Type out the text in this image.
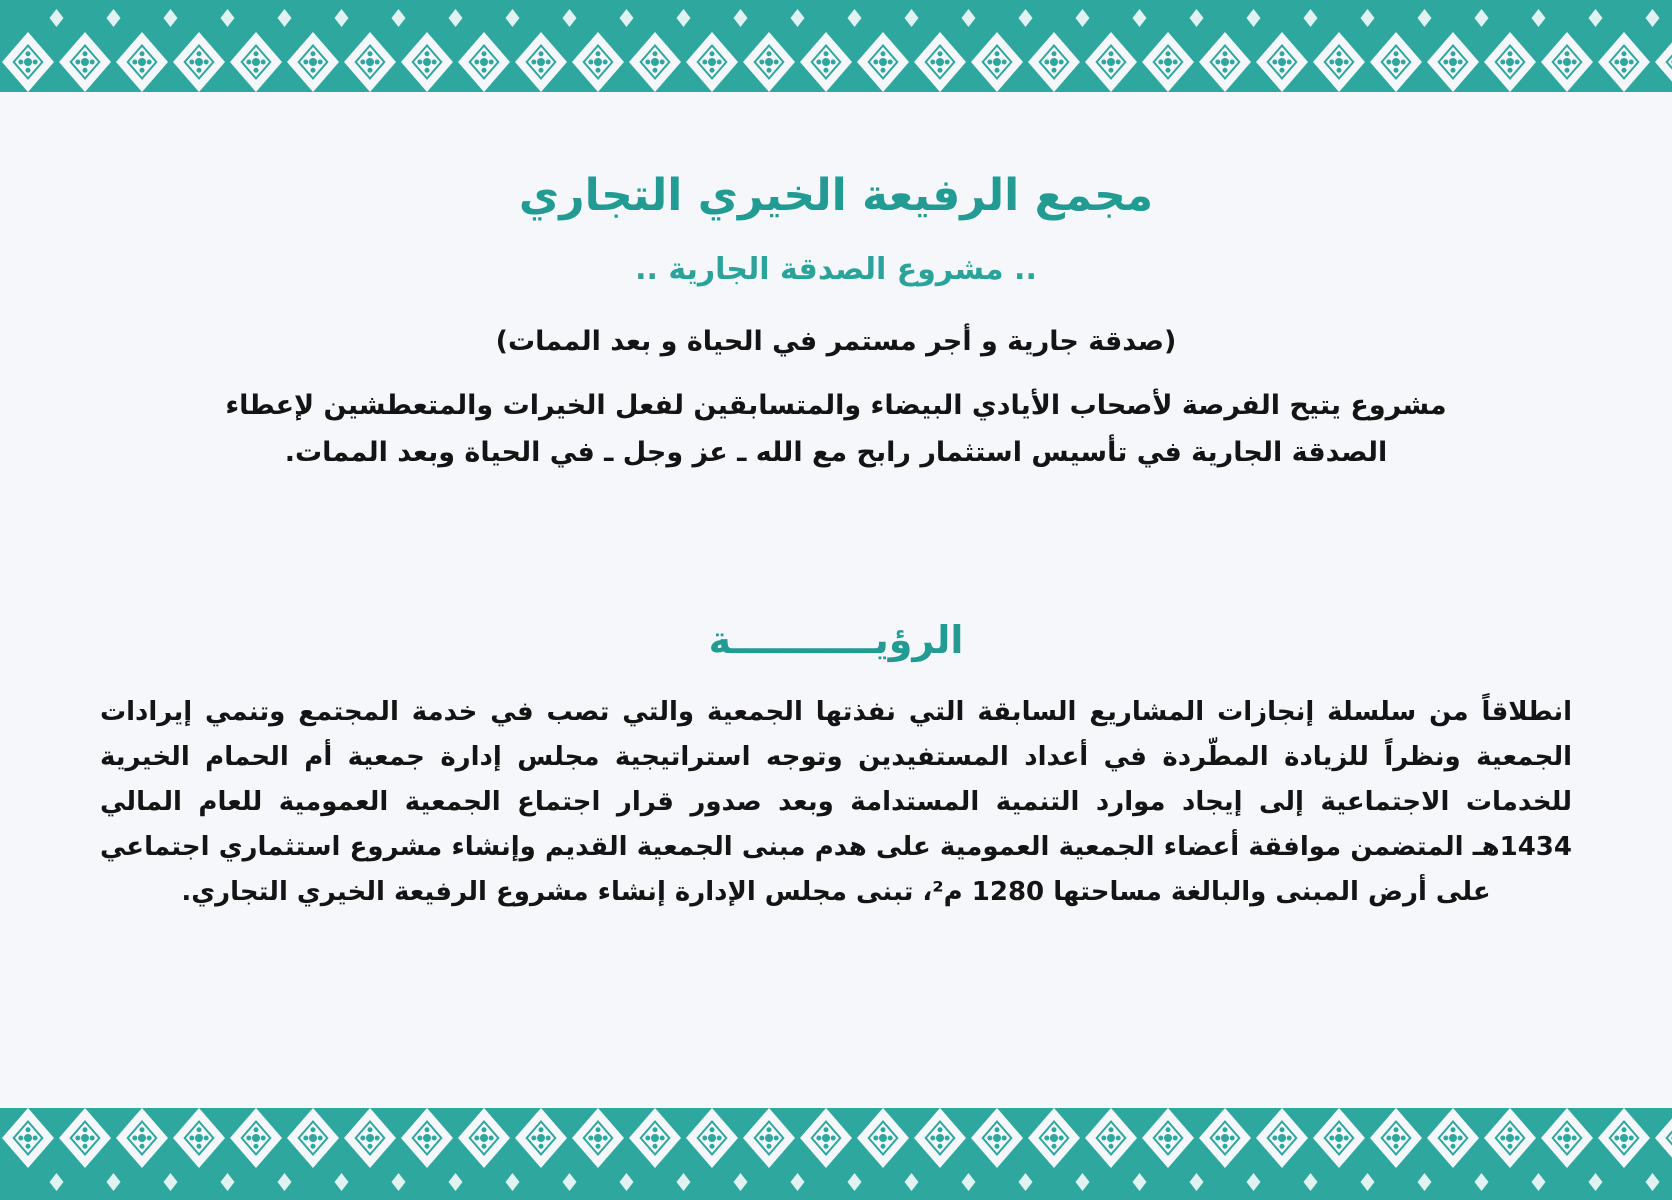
مجمع الرفيعة الخيري التجاري
.. مشروع الصدقة الجارية ..
(صدقة جارية و أجر مستمر في الحياة و بعد الممات)
مشروع يتيح الفرصة لأصحاب الأيادي البيضاء والمتسابقين لفعل الخيرات والمتعطشين لإعطاء الصدقة الجارية في تأسيس استثمار رابح مع الله ـ عز وجل ـ في الحياة وبعد الممات.
الرؤيـــــــــــة
انطلاقاً من سلسلة إنجازات المشاريع السابقة التي نفذتها الجمعية والتي تصب في خدمة المجتمع وتنمي إيرادات الجمعية ونظراً للزيادة المطّردة في أعداد المستفيدين وتوجه استراتيجية مجلس إدارة جمعية أم الحمام الخيرية للخدمات الاجتماعية إلى إيجاد موارد التنمية المستدامة وبعد صدور قرار اجتماع الجمعية العمومية للعام المالي 1434هـ المتضمن موافقة أعضاء الجمعية العمومية على هدم مبنى الجمعية القديم وإنشاء مشروع استثماري اجتماعي على أرض المبنى والبالغة مساحتها 1280 م²، تبنى مجلس الإدارة إنشاء مشروع الرفيعة الخيري التجاري.
